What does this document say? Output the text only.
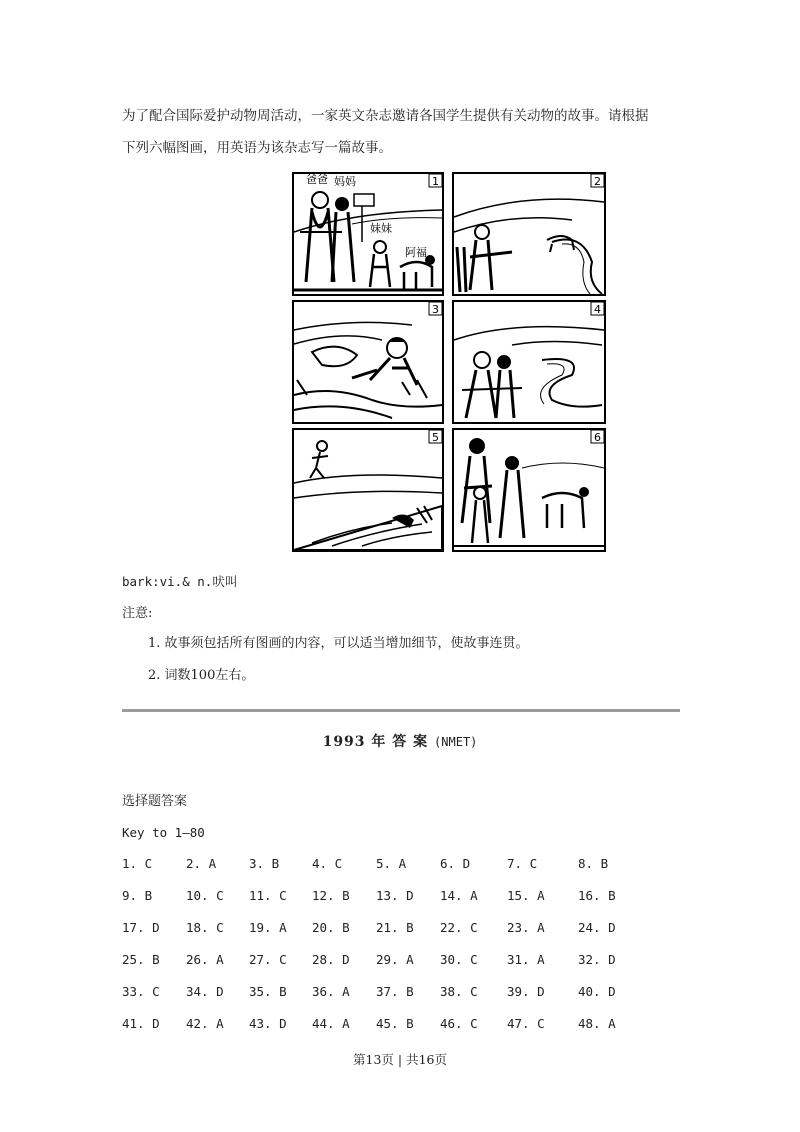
为了配合国际爱护动物周活动，一家英文杂志邀请各国学生提供有关动物的故事。请根据
下列六幅图画，用英语为该杂志写一篇故事。
1
爸爸 妈妈
妹妹
阿福
2
3	4
5	6
bark:vi.& n.吠叫
注意:
1. 故事须包括所有图画的内容，可以适当增加细节，使故事连贯。
2. 词数100左右。
1993 年 答 案 (NMET)
选择题答案
Key to 1—80
1. C	2. A	3. B	4. C	5. A	6. D	7. C	8. B
9. B	10. C 11. C 12. B 13. D 14. A 15. A	16. B
17. D 18. C 19. A 20. B 21. B 22. C 23. A	24. D
25. B 26. A 27. C 28. D 29. A 30. C 31. A	32. D
33. C 34. D 35. B 36. A 37. B 38. C 39. D	40. D
41. D 42. A 43. D 44. A 45. B 46. C 47. C	48. A
第13页 | 共16页
